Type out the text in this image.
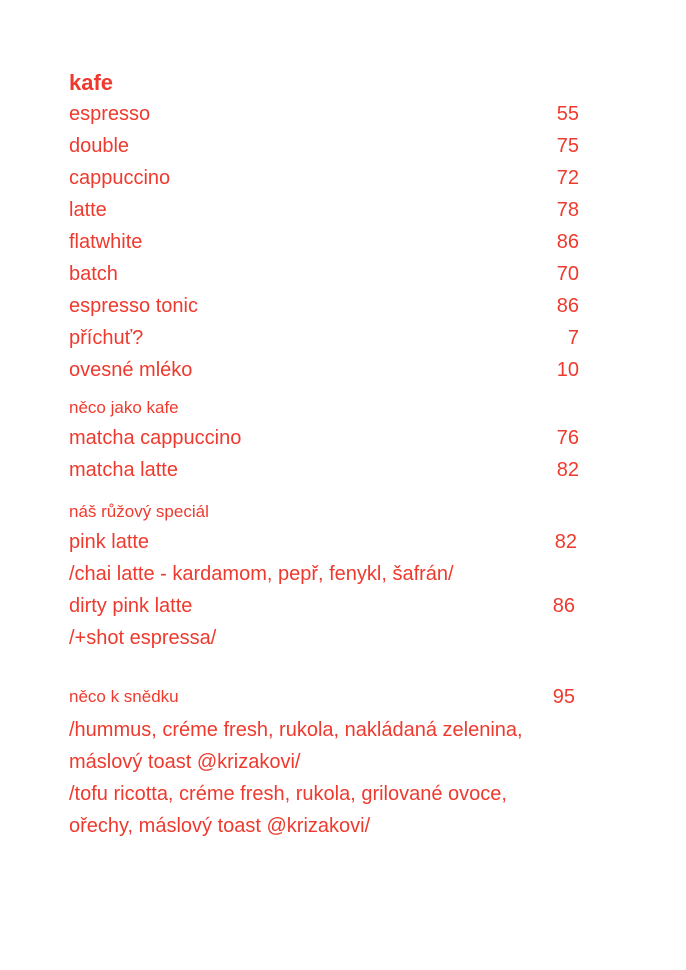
kafe
espresso	55
double	75
cappuccino	72
latte	78
flatwhite	86
batch	70
espresso tonic	86
příchuť?	7
ovesné mléko	10
něco jako kafe
matcha cappuccino	76
matcha latte	82
náš růžový speciál
pink latte	82
/chai latte - kardamom, pepř, fenykl, šafrán/
dirty pink latte	86
/+shot espressa/
něco k snědku	95
/hummus, créme fresh, rukola, nakládaná zelenina,
máslový toast @krizakovi/
/tofu ricotta, créme fresh, rukola, grilované ovoce,
ořechy, máslový toast @krizakovi/
